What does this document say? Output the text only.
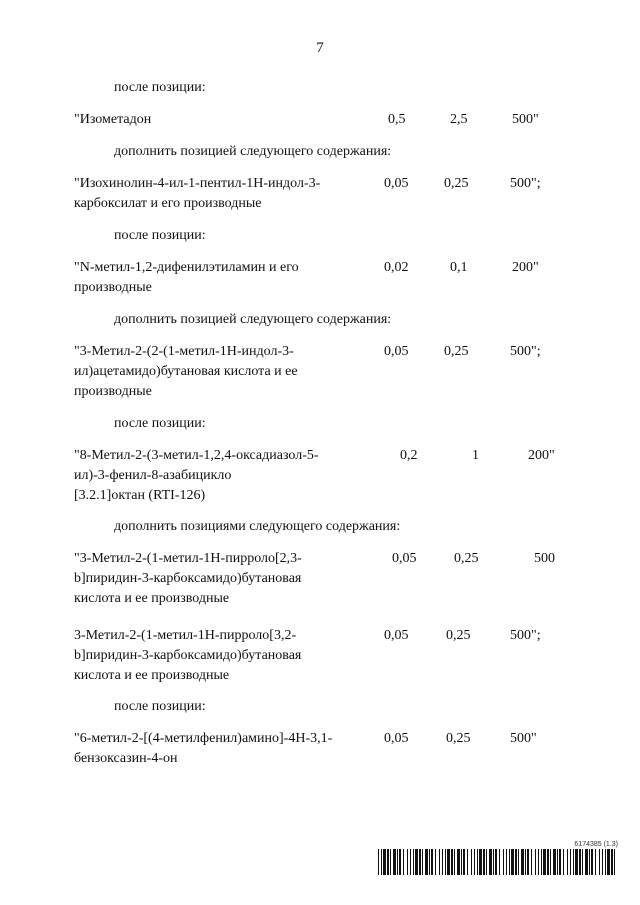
7
после позиции:
"Изометадон	0,5	2,5	500"
дополнить позицией следующего содержания:
"Изохинолин-4-ил-1-пентил-1Н-индол-3-
карбоксилат и его производные
0,05	0,25	500";
после позиции:
"N-метил-1,2-дифенилэтиламин и его
производные
0,02	0,1	200"
дополнить позицией следующего содержания:
"3-Метил-2-(2-(1-метил-1Н-индол-3-
ил)ацетамидо)бутановая кислота и ее
производные
0,05	0,25	500";
после позиции:
"8-Метил-2-(3-метил-1,2,4-оксадиазол-5-
ил)-3-фенил-8-азабицикло
[3.2.1]октан (RTI-126)
0,2	1	200"
дополнить позициями следующего содержания:
"3-Метил-2-(1-метил-1Н-пирроло[2,3-
b]пиридин-3-карбоксамидо)бутановая
кислота и ее производные
0,05	0,25	500
3-Метил-2-(1-метил-1Н-пирроло[3,2-
b]пиридин-3-карбоксамидо)бутановая
кислота и ее производные
0,05	0,25	500";
после позиции:
"6-метил-2-[(4-метилфенил)амино]-4Н-3,1-
бензоксазин-4-он
0,05	0,25	500"
6174385 (1.3)
